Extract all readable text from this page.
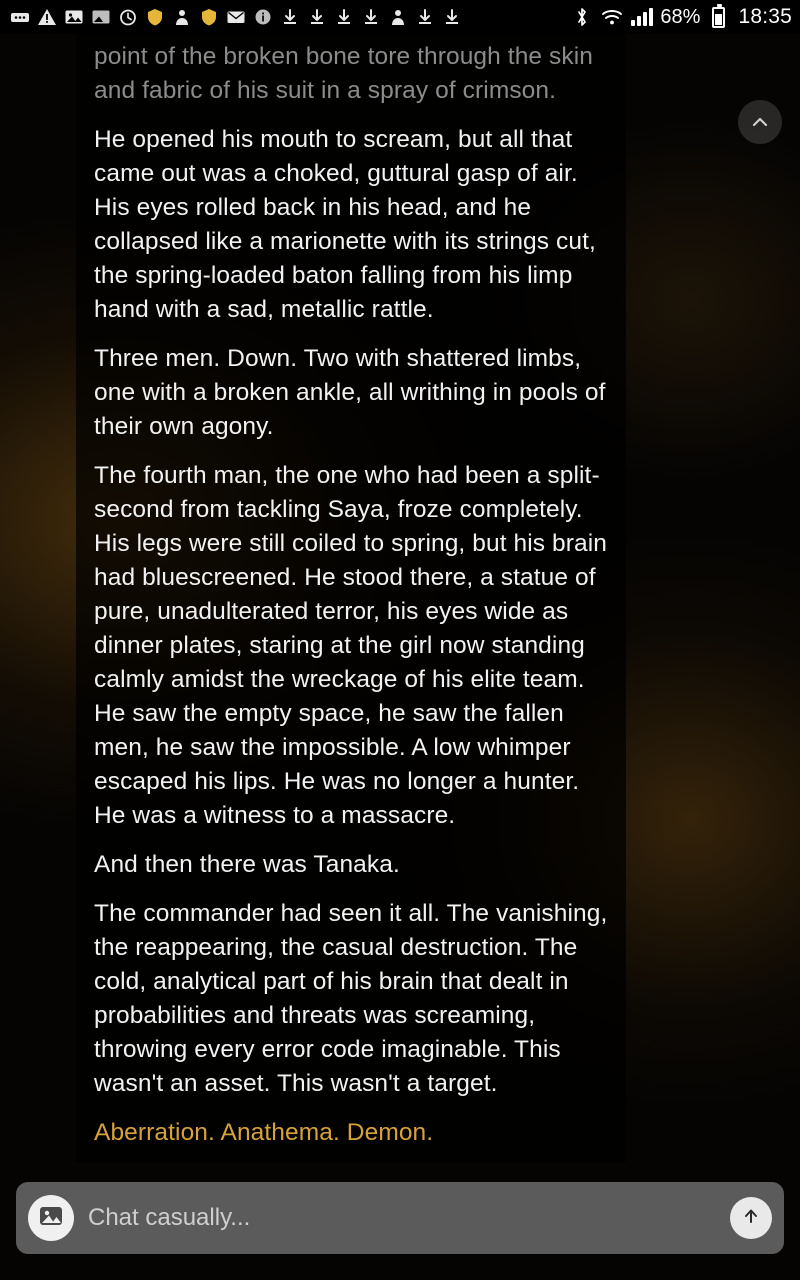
68% 18:35

point of the broken bone tore through the skin and fabric of his suit in a spray of crimson.

He opened his mouth to scream, but all that came out was a choked, guttural gasp of air. His eyes rolled back in his head, and he collapsed like a marionette with its strings cut, the spring-loaded baton falling from his limp hand with a sad, metallic rattle.

Three men. Down. Two with shattered limbs, one with a broken ankle, all writhing in pools of their own agony.

The fourth man, the one who had been a split-second from tackling Saya, froze completely. His legs were still coiled to spring, but his brain had bluescreened. He stood there, a statue of pure, unadulterated terror, his eyes wide as dinner plates, staring at the girl now standing calmly amidst the wreckage of his elite team. He saw the empty space, he saw the fallen men, he saw the impossible. A low whimper escaped his lips. He was no longer a hunter. He was a witness to a massacre.

And then there was Tanaka.

The commander had seen it all. The vanishing, the reappearing, the casual destruction. The cold, analytical part of his brain that dealt in probabilities and threats was screaming, throwing every error code imaginable. This wasn't an asset. This wasn't a target.

Aberration. Anathema. Demon.

Chat casually...
